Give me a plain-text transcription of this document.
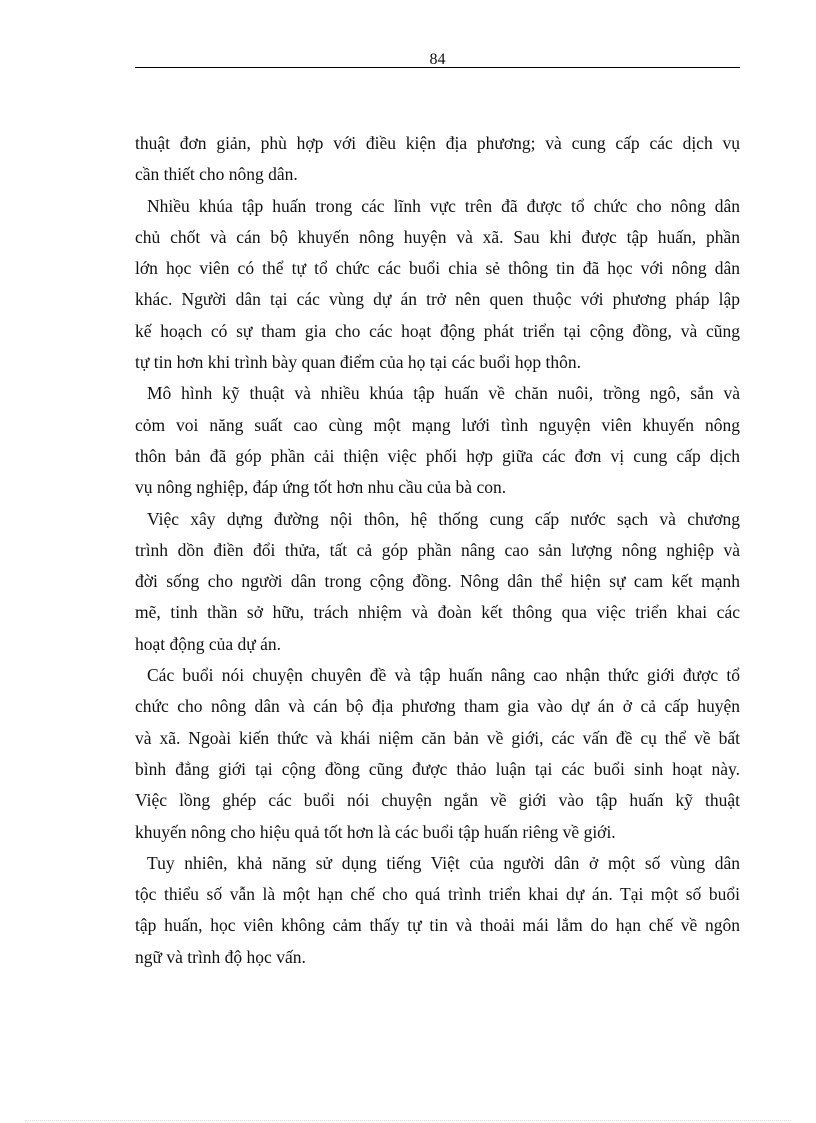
84
thuật đơn giản, phù hợp với điều kiện địa phương; và cung cấp các dịch vụ
cần thiết cho nông dân.
Nhiều khúa tập huấn trong các lĩnh vực trên đã được tổ chức cho nông dân
chủ chốt và cán bộ khuyến nông huyện và xã. Sau khi được tập huấn, phần
lớn học viên có thể tự tổ chức các buổi chia sẻ thông tin đã học với nông dân
khác. Người dân tại các vùng dự án trở nên quen thuộc với phương pháp lập
kế hoạch có sự tham gia cho các hoạt động phát triển tại cộng đồng, và cũng
tự tin hơn khi trình bày quan điểm của họ tại các buổi họp thôn.
Mô hình kỹ thuật và nhiều khúa tập huấn về chăn nuôi, trồng ngô, sắn và
cỏm voi năng suất cao cùng một mạng lưới tình nguyện viên khuyến nông
thôn bản đã góp phần cải thiện việc phối hợp giữa các đơn vị cung cấp dịch
vụ nông nghiệp, đáp ứng tốt hơn nhu cầu của bà con.
Việc xây dựng đường nội thôn, hệ thống cung cấp nước sạch và chương
trình dồn điền đổi thửa, tất cả góp phần nâng cao sản lượng nông nghiệp và
đời sống cho người dân trong cộng đồng. Nông dân thể hiện sự cam kết mạnh
mẽ, tinh thần sở hữu, trách nhiệm và đoàn kết thông qua việc triển khai các
hoạt động của dự án.
Các buổi nói chuyện chuyên đề và tập huấn nâng cao nhận thức giới được tổ
chức cho nông dân và cán bộ địa phương tham gia vào dự án ở cả cấp huyện
và xã. Ngoài kiến thức và khái niệm căn bản về giới, các vấn đề cụ thể về bất
bình đẳng giới tại cộng đồng cũng được thảo luận tại các buổi sinh hoạt này.
Việc lồng ghép các buổi nói chuyện ngắn về giới vào tập huấn kỹ thuật
khuyến nông cho hiệu quả tốt hơn là các buổi tập huấn riêng về giới.
Tuy nhiên, khả năng sử dụng tiếng Việt của người dân ở một số vùng dân
tộc thiểu số vẫn là một hạn chế cho quá trình triển khai dự án. Tại một số buổi
tập huấn, học viên không cảm thấy tự tin và thoải mái lắm do hạn chế về ngôn
ngữ và trình độ học vấn.
